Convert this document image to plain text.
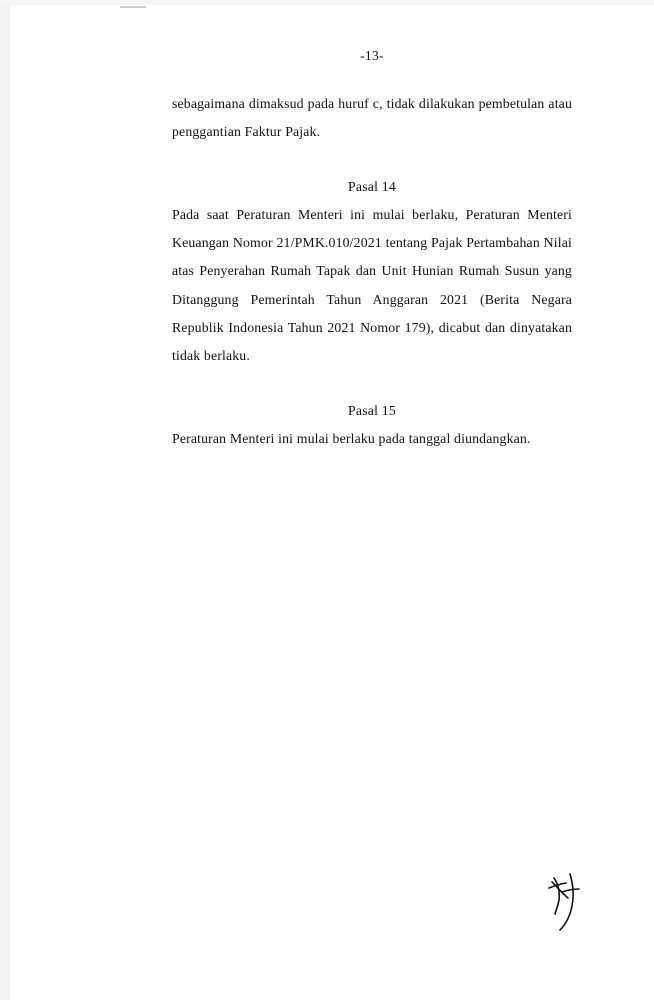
-13-

sebagaimana dimaksud pada huruf c, tidak dilakukan pembetulan atau penggantian Faktur Pajak.

Pasal 14

Pada saat Peraturan Menteri ini mulai berlaku, Peraturan Menteri Keuangan Nomor 21/PMK.010/2021 tentang Pajak Pertambahan Nilai atas Penyerahan Rumah Tapak dan Unit Hunian Rumah Susun yang Ditanggung Pemerintah Tahun Anggaran 2021 (Berita Negara Republik Indonesia Tahun 2021 Nomor 179), dicabut dan dinyatakan tidak berlaku.

Pasal 15

Peraturan Menteri ini mulai berlaku pada tanggal diundangkan.
